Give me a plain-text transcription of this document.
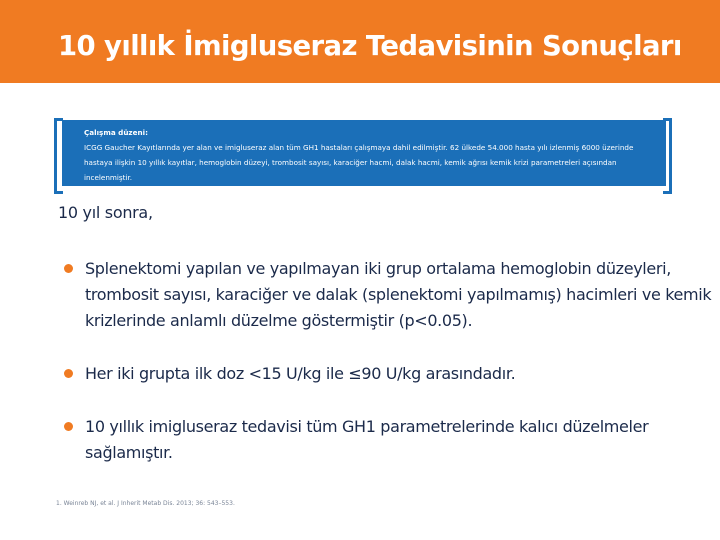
10 yıllık İmigluseraz Tedavisinin Sonuçları
Çalışma düzeni:
ICGG Gaucher Kayıtlarında yer alan ve imigluseraz alan tüm GH1 hastaları çalışmaya dahil edilmiştir. 62 ülkede 54.000 hasta yılı izlenmiş 6000 üzerinde hastaya ilişkin 10 yıllık kayıtlar, hemoglobin düzeyi, trombosit sayısı, karaciğer hacmi, dalak hacmi, kemik ağrısı kemik krizi parametreleri açısından incelenmiştir.
10 yıl sonra,
Splenektomi yapılan ve yapılmayan iki grup ortalama hemoglobin düzeyleri, trombosit sayısı, karaciğer ve dalak (splenektomi yapılmamış) hacimleri ve kemik krizlerinde anlamlı düzelme göstermiştir (p<0.05).
Her iki grupta ilk doz <15 U/kg ile ≤90 U/kg arasındadır.
10 yıllık imigluseraz tedavisi tüm GH1 parametrelerinde kalıcı düzelmeler sağlamıştır.
1. Weinreb NJ, et al. J Inherit Metab Dis. 2013; 36: 543–553.
